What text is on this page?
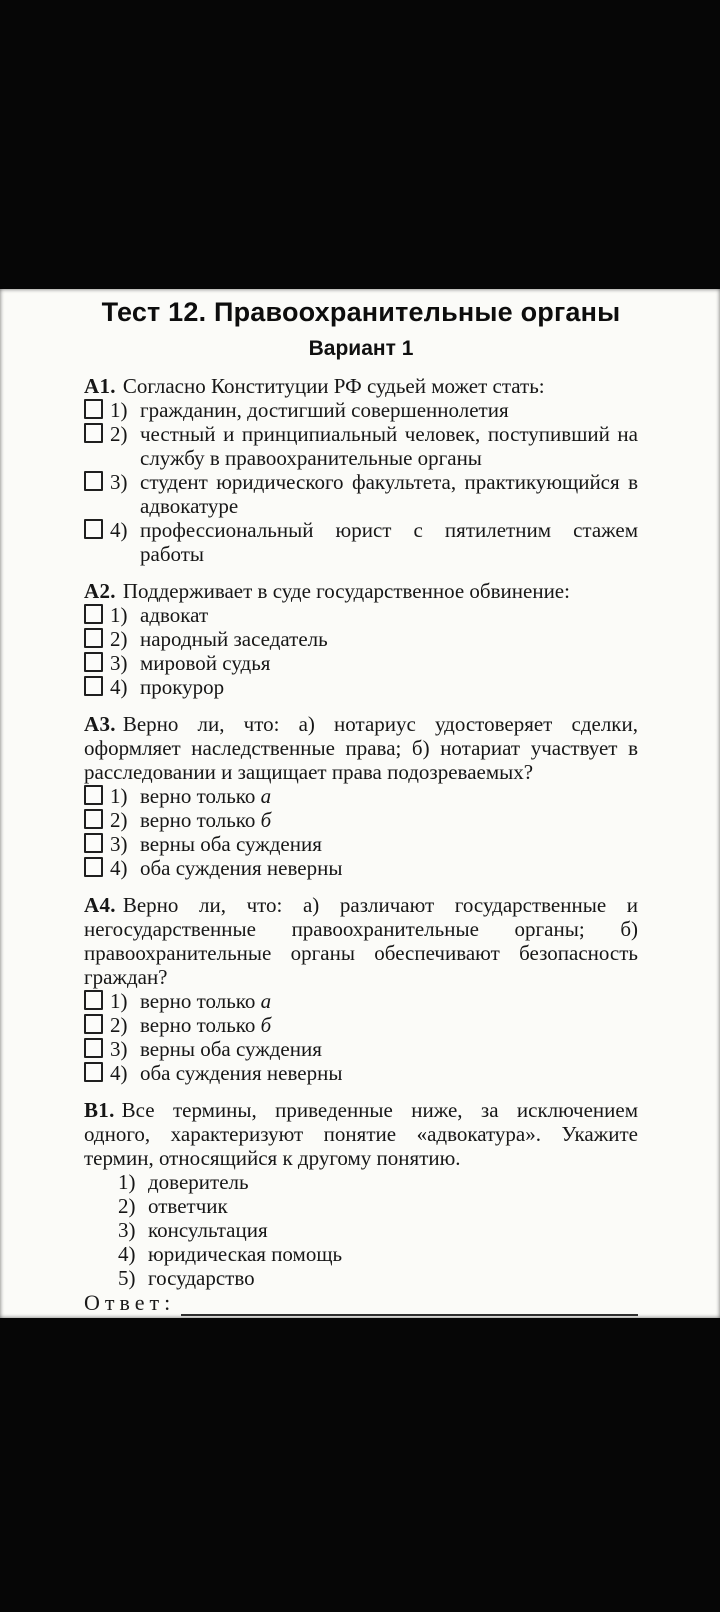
Тест 12. Правоохранительные органы
Вариант 1

А1. Согласно Конституции РФ судьей может стать:

1) гражданин, достигший совершеннолетия
2) честный и принципиальный человек, поступивший на службу в правоохранительные органы
3) студент юридического факультета, практикующийся в адвокатуре
4) профессиональный юрист с пятилетним стажем работы

А2. Поддерживает в суде государственное обвинение:

1) адвокат
2) народный заседатель
3) мировой судья
4) прокурор

А3. Верно ли, что: а) нотариус удостоверяет сделки, оформляет наследственные права; б) нотариат участвует в расследовании и защищает права подозреваемых?

1) верно только а
2) верно только б
3) верны оба суждения
4) оба суждения неверны

А4. Верно ли, что: а) различают государственные и негосударственные правоохранительные органы; б) правоохранительные органы обеспечивают безопасность граждан?

1) верно только а
2) верно только б
3) верны оба суждения
4) оба суждения неверны

В1. Все термины, приведенные ниже, за исключением одного, характеризуют понятие «адвокатура». Укажите термин, относящийся к другому понятию.

1) доверитель
2) ответчик
3) консультация
4) юридическая помощь
5) государство
Ответ:
